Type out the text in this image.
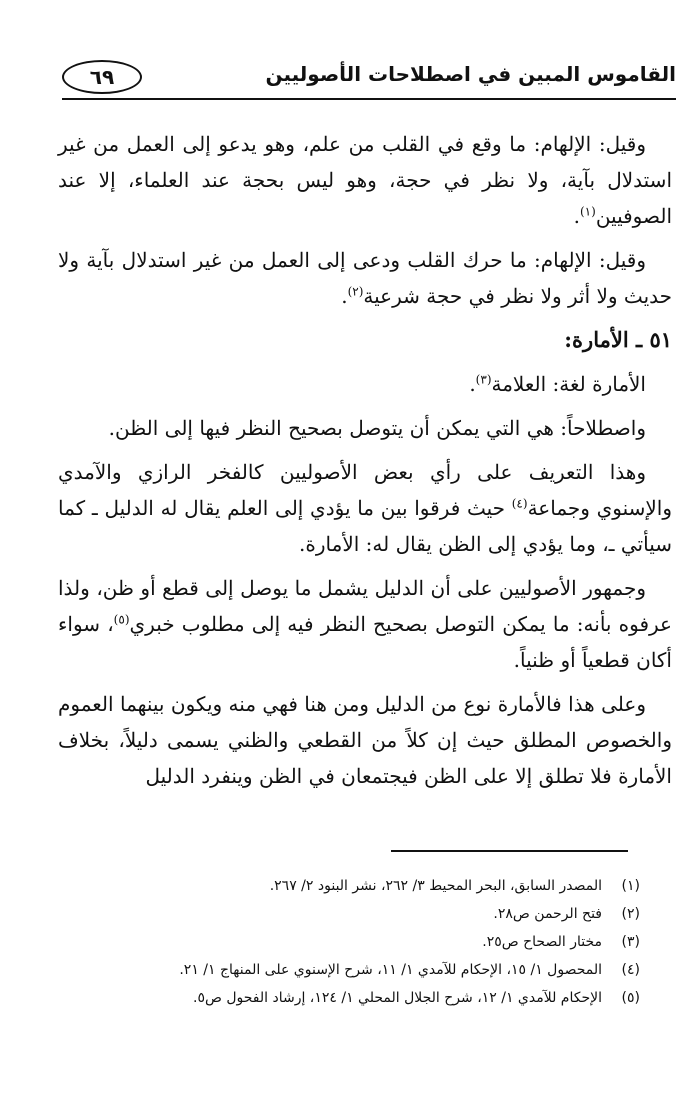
٦٩	القاموس المبين في اصطلاحات الأصوليين

وقيل: الإلهام: ما وقع في القلب من علم، وهو يدعو إلى العمل من غير استدلال بآية، ولا نظر في حجة، وهو ليس بحجة عند العلماء، إلا عند الصوفيين$^{(١)}$.

وقيل: الإلهام: ما حرك القلب ودعى إلى العمل من غير استدلال بآية ولا حديث ولا أثر ولا نظر في حجة شرعية$^{(٢)}$.

٥١ ـ الأمارة:

الأمارة لغة: العلامة$^{(٣)}$.

واصطلاحاً: هي التي يمكن أن يتوصل بصحيح النظر فيها إلى الظن.

وهذا التعريف على رأي بعض الأصوليين كالفخر الرازي والآمدي والإسنوي وجماعة$^{(٤)}$ حيث فرقوا بين ما يؤدي إلى العلم يقال له الدليل ـ كما سيأتي ـ، وما يؤدي إلى الظن يقال له: الأمارة.

وجمهور الأصوليين على أن الدليل يشمل ما يوصل إلى قطع أو ظن، ولذا عرفوه بأنه: ما يمكن التوصل بصحيح النظر فيه إلى مطلوب خبري$^{(٥)}$، سواء أكان قطعياً أو ظنياً.

وعلى هذا فالأمارة نوع من الدليل ومن هنا فهي منه ويكون بينهما العموم والخصوص المطلق حيث إن كلاً من القطعي والظني يسمى دليلاً، بخلاف الأمارة فلا تطلق إلا على الظن فيجتمعان في الظن وينفرد الدليل

(١)المصدر السابق، البحر المحيط ٣/ ٢٦٢، نشر البنود ٢/ ٢٦٧.
(٢)فتح الرحمن ص٢٨.
(٣)مختار الصحاح ص٢٥.
(٤)المحصول ١/ ١٥، الإحكام للآمدي ١/ ١١، شرح الإسنوي على المنهاج ١/ ٢١.
(٥)الإحكام للآمدي ١/ ١٢، شرح الجلال المحلي ١/ ١٢٤، إرشاد الفحول ص٥.
